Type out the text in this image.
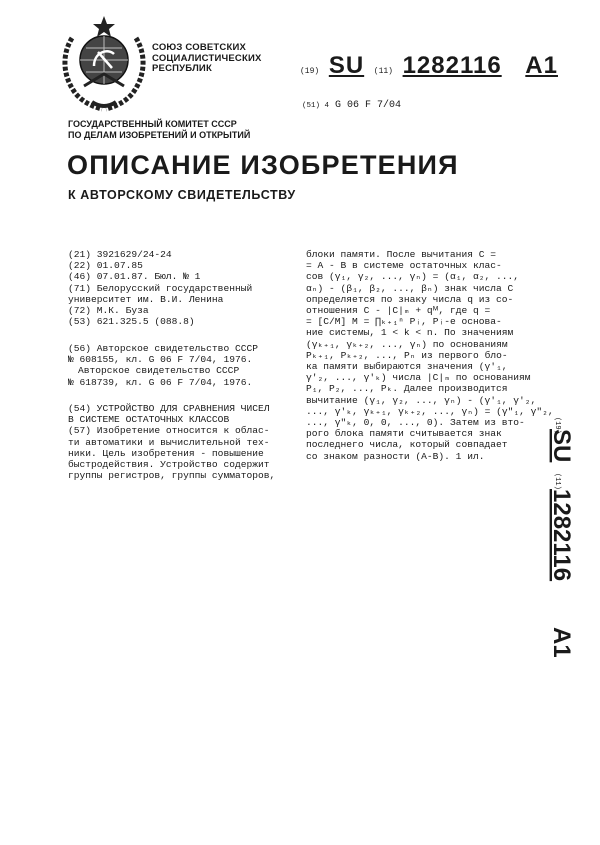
СОЮЗ СОВЕТСКИХ
СОЦИАЛИСТИЧЕСКИХ
РЕСПУБЛИК	(19) SU (11) 1282116 A1
(51) 4 G 06 F 7/04
ГОСУДАРСТВЕННЫЙ КОМИТЕТ СССР
ПО ДЕЛАМ ИЗОБРЕТЕНИЙ И ОТКРЫТИЙ
ОПИСАНИЕ ИЗОБРЕТЕНИЯ
К АВТОРСКОМУ СВИДЕТЕЛЬСТВУ
(21) 3921629/24-24
(22) 01.07.85
(46) 07.01.87. Бюл. № 1
(71) Белорусский государственный
университет им. В.И. Ленина
(72) М.К. Буза
(53) 621.325.5 (088.8)
(56) Авторское свидетельство СССР
№ 608155, кл. G 06 F 7/04, 1976.
Авторское свидетельство СССР
№ 618739, кл. G 06 F 7/04, 1976.
(54) УСТРОЙСТВО ДЛЯ СРАВНЕНИЯ ЧИСЕЛ
В СИСТЕМЕ ОСТАТОЧНЫХ КЛАССОВ
(57) Изобретение относится к облас-
ти автоматики и вычислительной тех-
ники. Цель изобретения - повышение
быстродействия. Устройство содержит
группы регистров, группы сумматоров,
блоки памяти. После вычитания C =
= A - B в системе остаточных клас-
сов (γ₁, γ₂, ..., γₙ) = (α₁, α₂, ...,
αₙ) - (β₁, β₂, ..., βₙ) знак числа C
определяется по знаку числа q из со-
отношения C - |C|ₘ + qᴹ, где q =
= [C/M] M = ∏ₖ₊₁ⁿ Pᵢ, Pᵢ-е основа-
ние системы, 1 < k < n. По значениям
(γₖ₊₁, γₖ₊₂, ..., γₙ) по основаниям
Pₖ₊₁, Pₖ₊₂, ..., Pₙ из первого бло-
ка памяти выбираются значения (γ'₁,
γ'₂, ..., γ'ₖ) числа |C|ₘ по основаниям
P₁, P₂, ..., Pₖ. Далее производится
вычитание (γ₁, γ₂, ..., γₙ) - (γ'₁, γ'₂,
..., γ'ₖ, γₖ₊₁, γₖ₊₂, ..., γₙ) = (γ"₁, γ"₂,
..., γ"ₖ, 0, 0, ..., 0). Затем из вто-
рого блока памяти считывается знак
последнего числа, который совпадает
со знаком разности (A-B). 1 ил.
(19)
SU
(11)
1282116
A1
